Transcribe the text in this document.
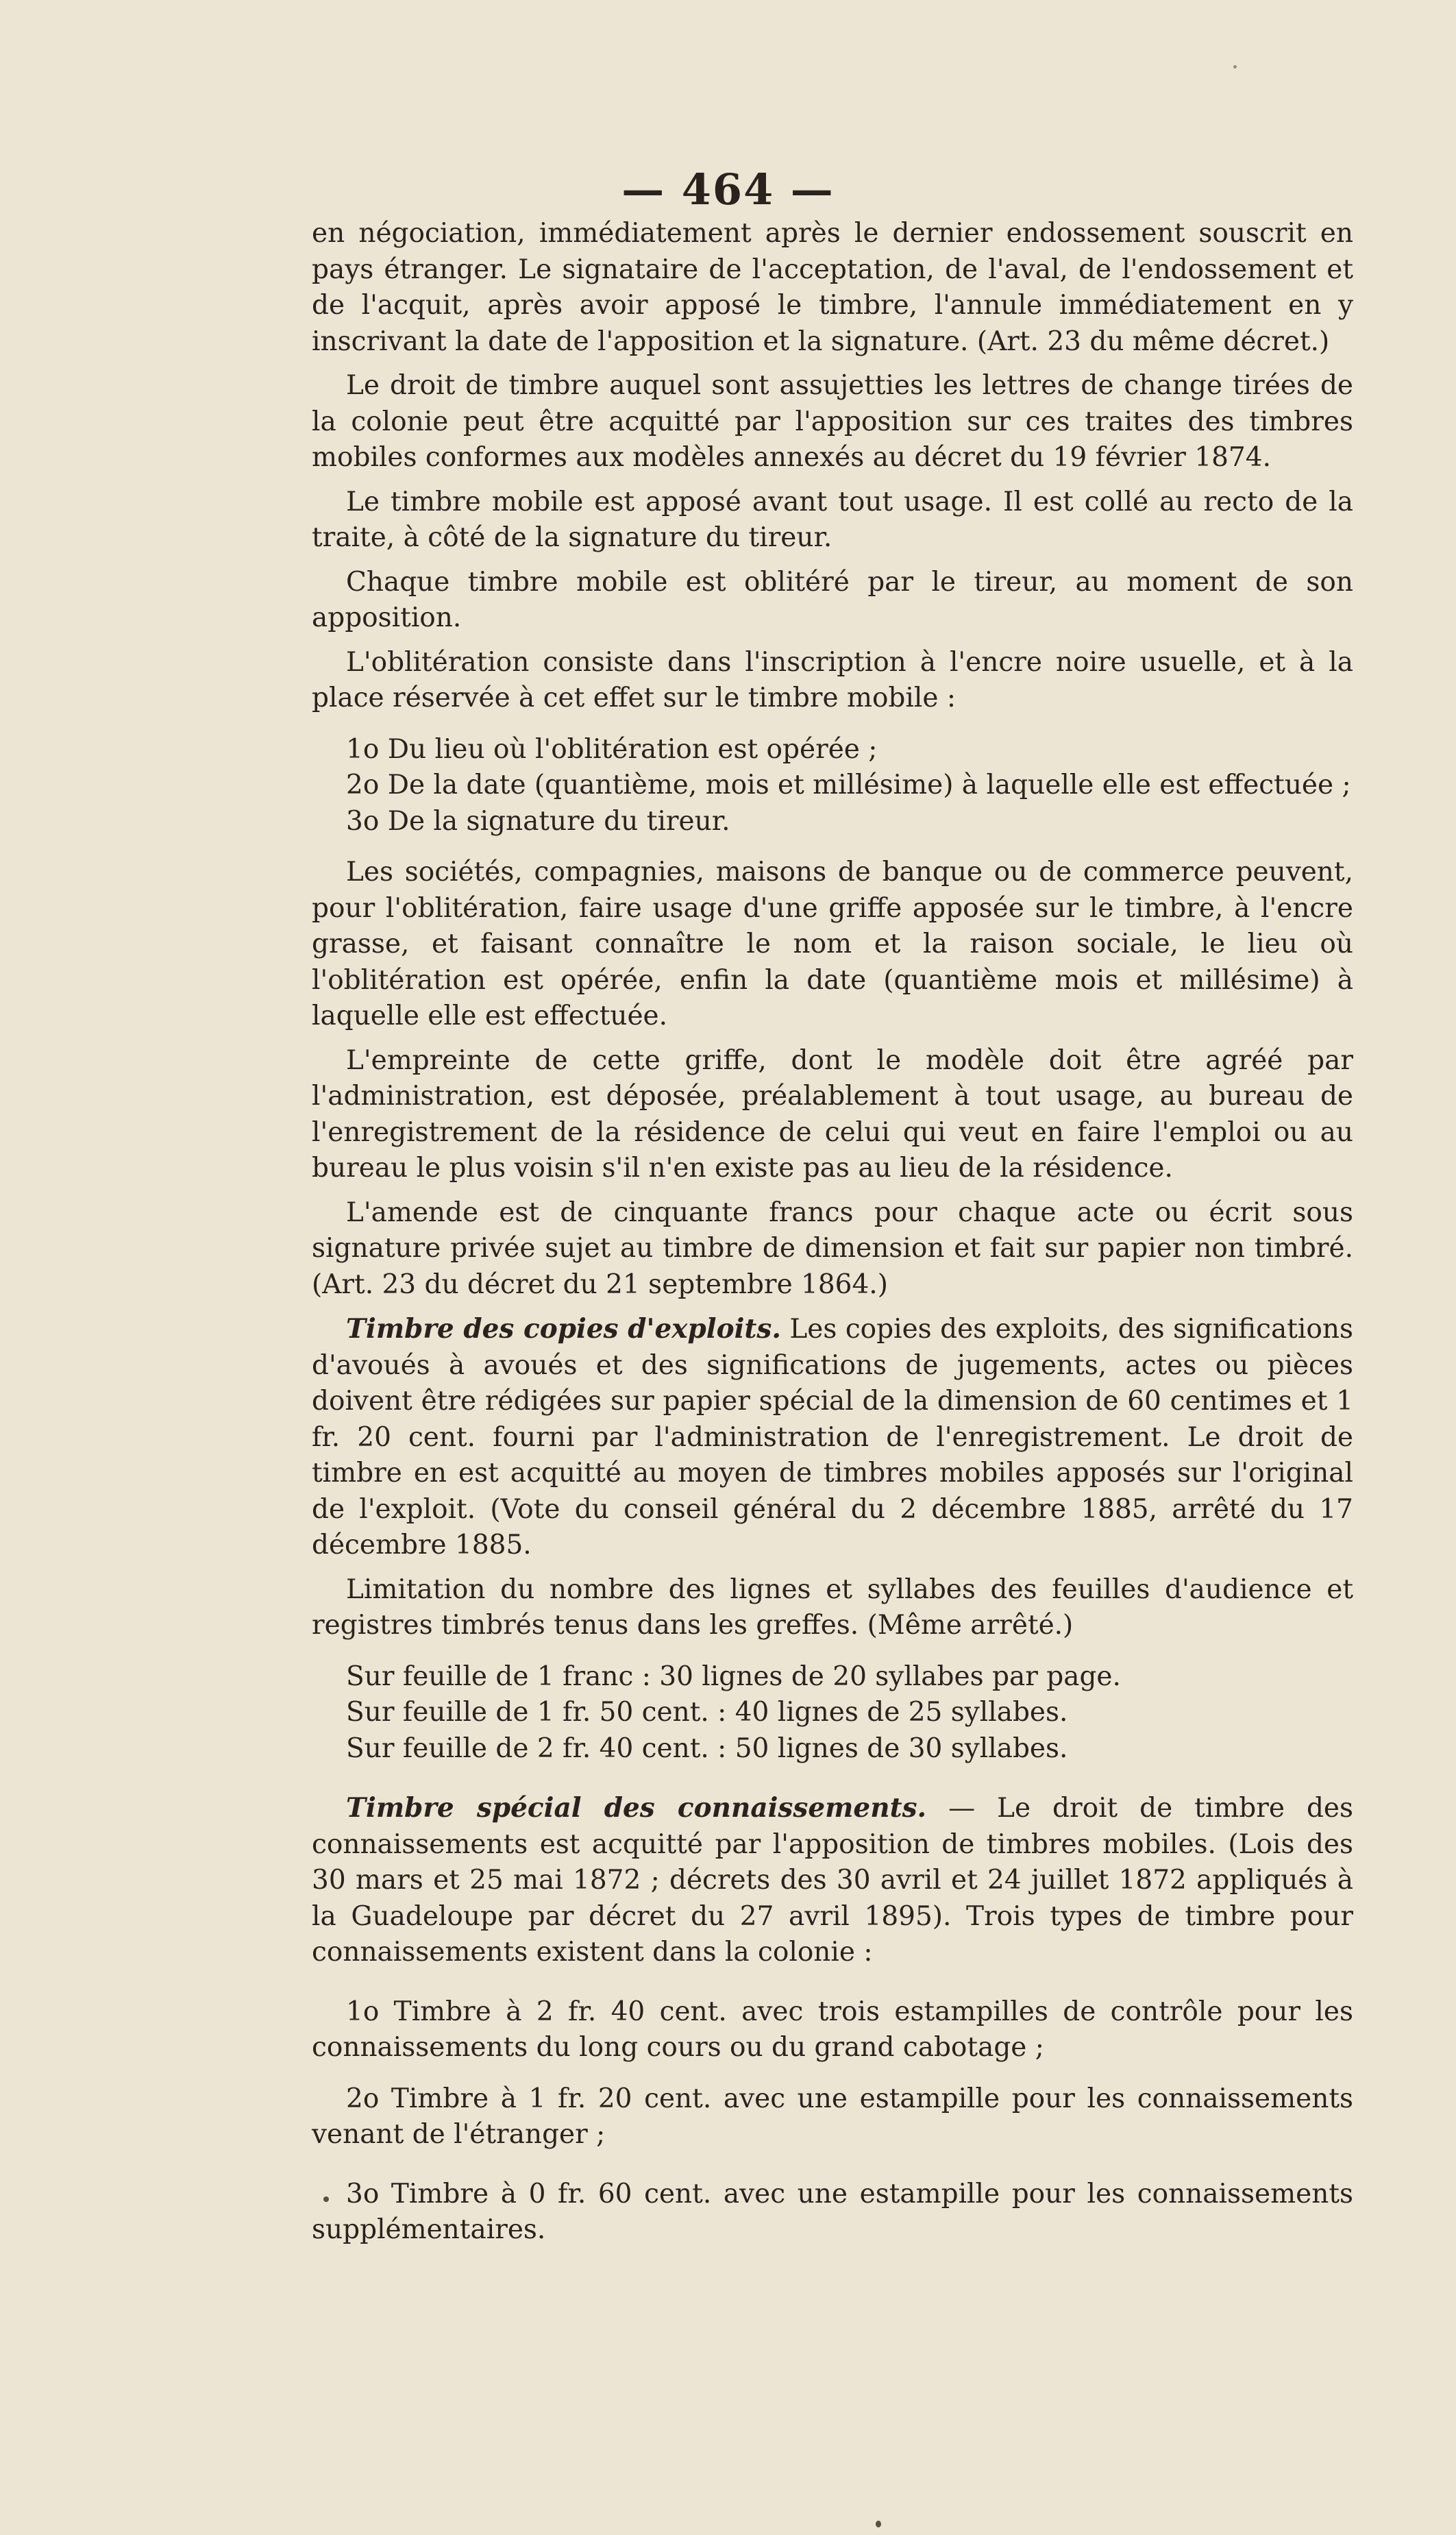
— 464 —

en négociation, immédiatement après le dernier endossement souscrit en pays étranger. Le signataire de l'acceptation, de l'aval, de l'endossement et de l'acquit, après avoir apposé le timbre, l'annule immédiatement en y inscrivant la date de l'apposition et la signature. (Art. 23 du même décret.)

Le droit de timbre auquel sont assujetties les lettres de change tirées de la colonie peut être acquitté par l'apposition sur ces traites des timbres mobiles conformes aux modèles annexés au décret du 19 février 1874.

Le timbre mobile est apposé avant tout usage. Il est collé au recto de la traite, à côté de la signature du tireur.

Chaque timbre mobile est oblitéré par le tireur, au moment de son apposition.

L'oblitération consiste dans l'inscription à l'encre noire usuelle, et à la place réservée à cet effet sur le timbre mobile :

1o Du lieu où l'oblitération est opérée ;

2o De la date (quantième, mois et millésime) à laquelle elle est effectuée ;

3o De la signature du tireur.

Les sociétés, compagnies, maisons de banque ou de commerce peuvent, pour l'oblitération, faire usage d'une griffe apposée sur le timbre, à l'encre grasse, et faisant connaître le nom et la raison sociale, le lieu où l'oblitération est opérée, enfin la date (quantième mois et millésime) à laquelle elle est effectuée.

L'empreinte de cette griffe, dont le modèle doit être agréé par l'administration, est déposée, préalablement à tout usage, au bureau de l'enregistrement de la résidence de celui qui veut en faire l'emploi ou au bureau le plus voisin s'il n'en existe pas au lieu de la résidence.

L'amende est de cinquante francs pour chaque acte ou écrit sous signature privée sujet au timbre de dimension et fait sur papier non timbré. (Art. 23 du décret du 21 septembre 1864.)

Timbre des copies d'exploits. Les copies des exploits, des significations d'avoués à avoués et des significations de jugements, actes ou pièces doivent être rédigées sur papier spécial de la dimension de 60 centimes et 1 fr. 20 cent. fourni par l'administration de l'enregistrement. Le droit de timbre en est acquitté au moyen de timbres mobiles apposés sur l'original de l'exploit. (Vote du conseil général du 2 décembre 1885, arrêté du 17 décembre 1885.

Limitation du nombre des lignes et syllabes des feuilles d'audience et registres timbrés tenus dans les greffes. (Même arrêté.)

Sur feuille de 1 franc : 30 lignes de 20 syllabes par page.

Sur feuille de 1 fr. 50 cent. : 40 lignes de 25 syllabes.

Sur feuille de 2 fr. 40 cent. : 50 lignes de 30 syllabes.

Timbre spécial des connaissements. — Le droit de timbre des connaissements est acquitté par l'apposition de timbres mobiles. (Lois des 30 mars et 25 mai 1872 ; décrets des 30 avril et 24 juillet 1872 appliqués à la Guadeloupe par décret du 27 avril 1895). Trois types de timbre pour connaissements existent dans la colonie :

1o Timbre à 2 fr. 40 cent. avec trois estampilles de contrôle pour les connaissements du long cours ou du grand cabotage ;

2o Timbre à 1 fr. 20 cent. avec une estampille pour les connaissements venant de l'étranger ;

3o Timbre à 0 fr. 60 cent. avec une estampille pour les connaissements supplémentaires.
